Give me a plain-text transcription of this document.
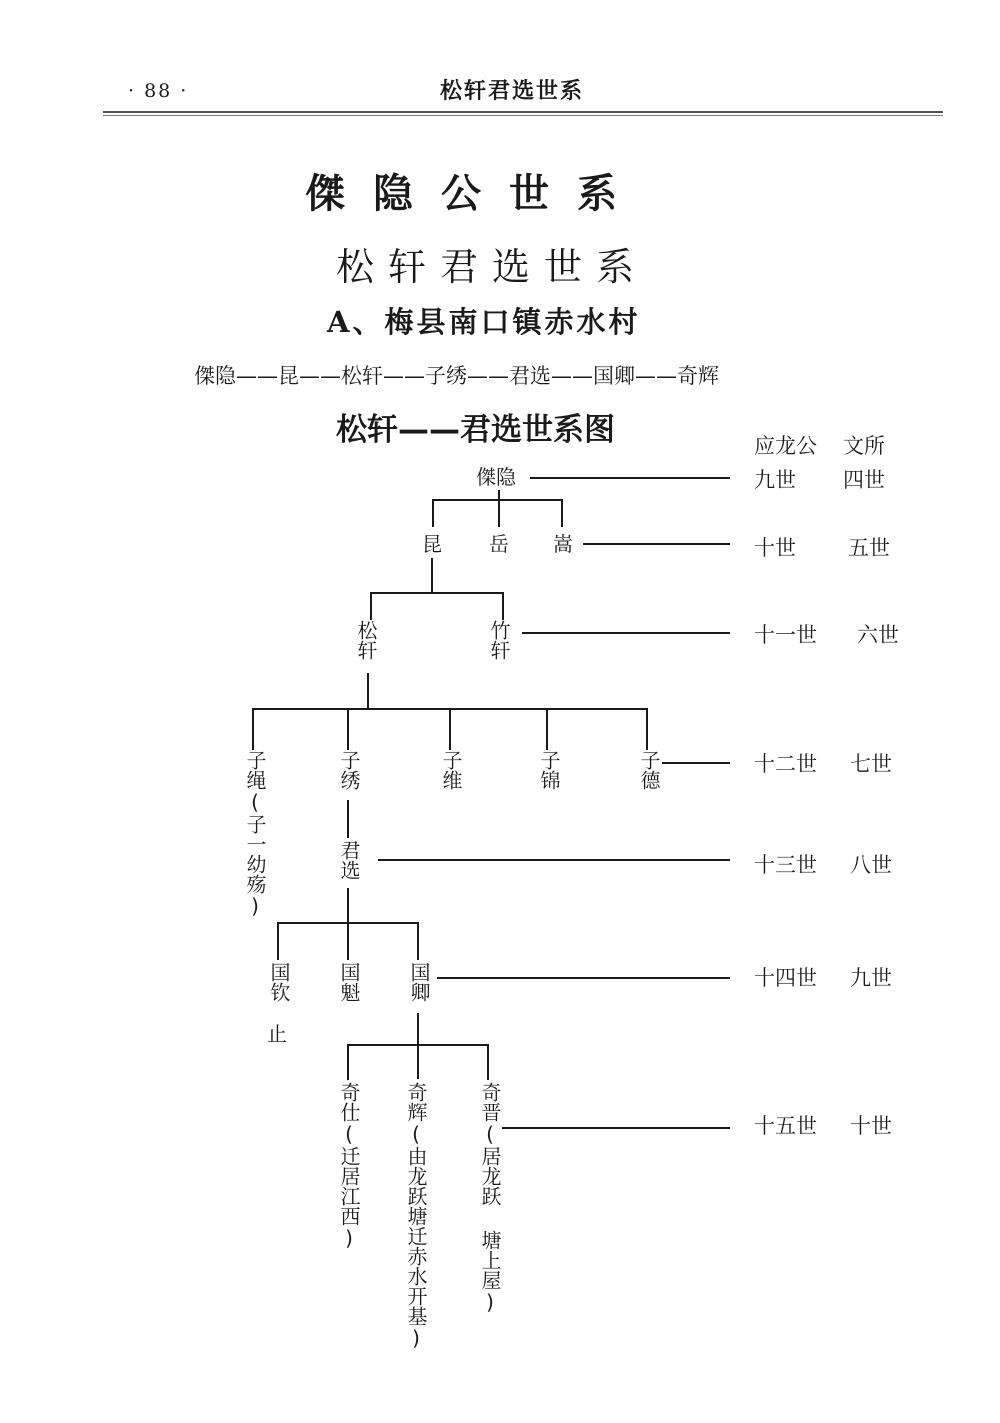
· 88 ·	松轩君选世系
傑隐公世系
松轩君选世系
A、梅县南口镇赤水村
傑隐——昆——松轩——子绣——君选——国卿——奇辉
松轩——君选世系图	应龙公 文所
九世 四世
十世 五世
十一世 六世
十二世 七世
十三世 八世
十四世 九世
十五世 十世
傑隐
昆 岳 嵩
松轩	竹轩
子绳(子一幼殇)	子绣	子维	子锦	子德
君选
国钦 国魁 国卿
止
奇仕(迁居江西) 奇辉(由龙跃塘迁赤水开基)	奇晋(居龙跃 塘上屋)
